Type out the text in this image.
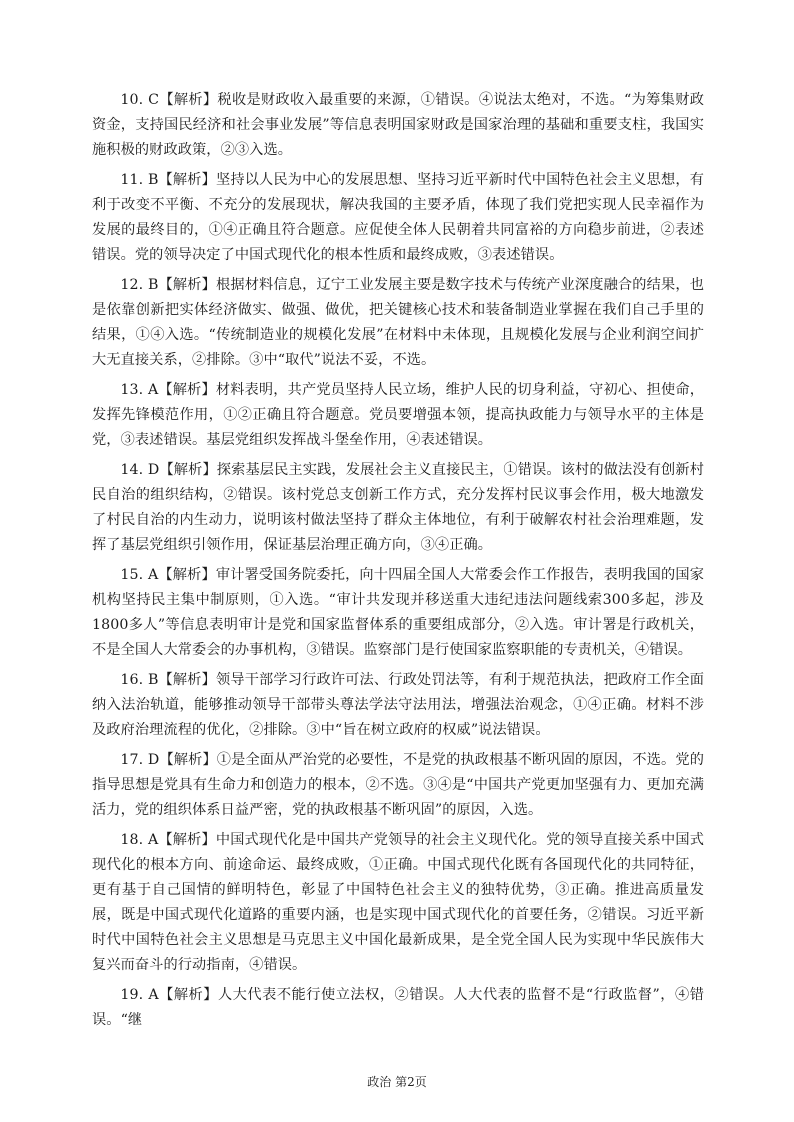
10. C【解析】税收是财政收入最重要的来源，①错误。④说法太绝对，不选。“为筹集财政资金，支持国民经济和社会事业发展”等信息表明国家财政是国家治理的基础和重要支柱，我国实施积极的财政政策，②③入选。

11. B【解析】坚持以人民为中心的发展思想、坚持习近平新时代中国特色社会主义思想，有利于改变不平衡、不充分的发展现状，解决我国的主要矛盾，体现了我们党把实现人民幸福作为发展的最终目的，①④正确且符合题意。应促使全体人民朝着共同富裕的方向稳步前进，②表述错误。党的领导决定了中国式现代化的根本性质和最终成败，③表述错误。

12. B【解析】根据材料信息，辽宁工业发展主要是数字技术与传统产业深度融合的结果，也是依靠创新把实体经济做实、做强、做优，把关键核心技术和装备制造业掌握在我们自己手里的结果，①④入选。“传统制造业的规模化发展”在材料中未体现，且规模化发展与企业利润空间扩大无直接关系，②排除。③中“取代”说法不妥，不选。

13. A【解析】材料表明，共产党员坚持人民立场，维护人民的切身利益，守初心、担使命，发挥先锋模范作用，①②正确且符合题意。党员要增强本领，提高执政能力与领导水平的主体是党，③表述错误。基层党组织发挥战斗堡垒作用，④表述错误。

14. D【解析】探索基层民主实践，发展社会主义直接民主，①错误。该村的做法没有创新村民自治的组织结构，②错误。该村党总支创新工作方式，充分发挥村民议事会作用，极大地激发了村民自治的内生动力，说明该村做法坚持了群众主体地位，有利于破解农村社会治理难题，发挥了基层党组织引领作用，保证基层治理正确方向，③④正确。

15. A【解析】审计署受国务院委托，向十四届全国人大常委会作工作报告，表明我国的国家机构坚持民主集中制原则，①入选。“审计共发现并移送重大违纪违法问题线索300多起，涉及1800多人”等信息表明审计是党和国家监督体系的重要组成部分，②入选。审计署是行政机关，不是全国人大常委会的办事机构，③错误。监察部门是行使国家监察职能的专责机关，④错误。

16. B【解析】领导干部学习行政许可法、行政处罚法等，有利于规范执法，把政府工作全面纳入法治轨道，能够推动领导干部带头尊法学法守法用法，增强法治观念，①④正确。材料不涉及政府治理流程的优化，②排除。③中“旨在树立政府的权威”说法错误。

17. D【解析】①是全面从严治党的必要性，不是党的执政根基不断巩固的原因，不选。党的指导思想是党具有生命力和创造力的根本，②不选。③④是“中国共产党更加坚强有力、更加充满活力，党的组织体系日益严密，党的执政根基不断巩固”的原因，入选。

18. A【解析】中国式现代化是中国共产党领导的社会主义现代化。党的领导直接关系中国式现代化的根本方向、前途命运、最终成败，①正确。中国式现代化既有各国现代化的共同特征，更有基于自己国情的鲜明特色，彰显了中国特色社会主义的独特优势，③正确。推进高质量发展，既是中国式现代化道路的重要内涵，也是实现中国式现代化的首要任务，②错误。习近平新时代中国特色社会主义思想是马克思主义中国化最新成果，是全党全国人民为实现中华民族伟大复兴而奋斗的行动指南，④错误。

19. A【解析】人大代表不能行使立法权，②错误。人大代表的监督不是“行政监督”，④错误。“继

政治 第2页
